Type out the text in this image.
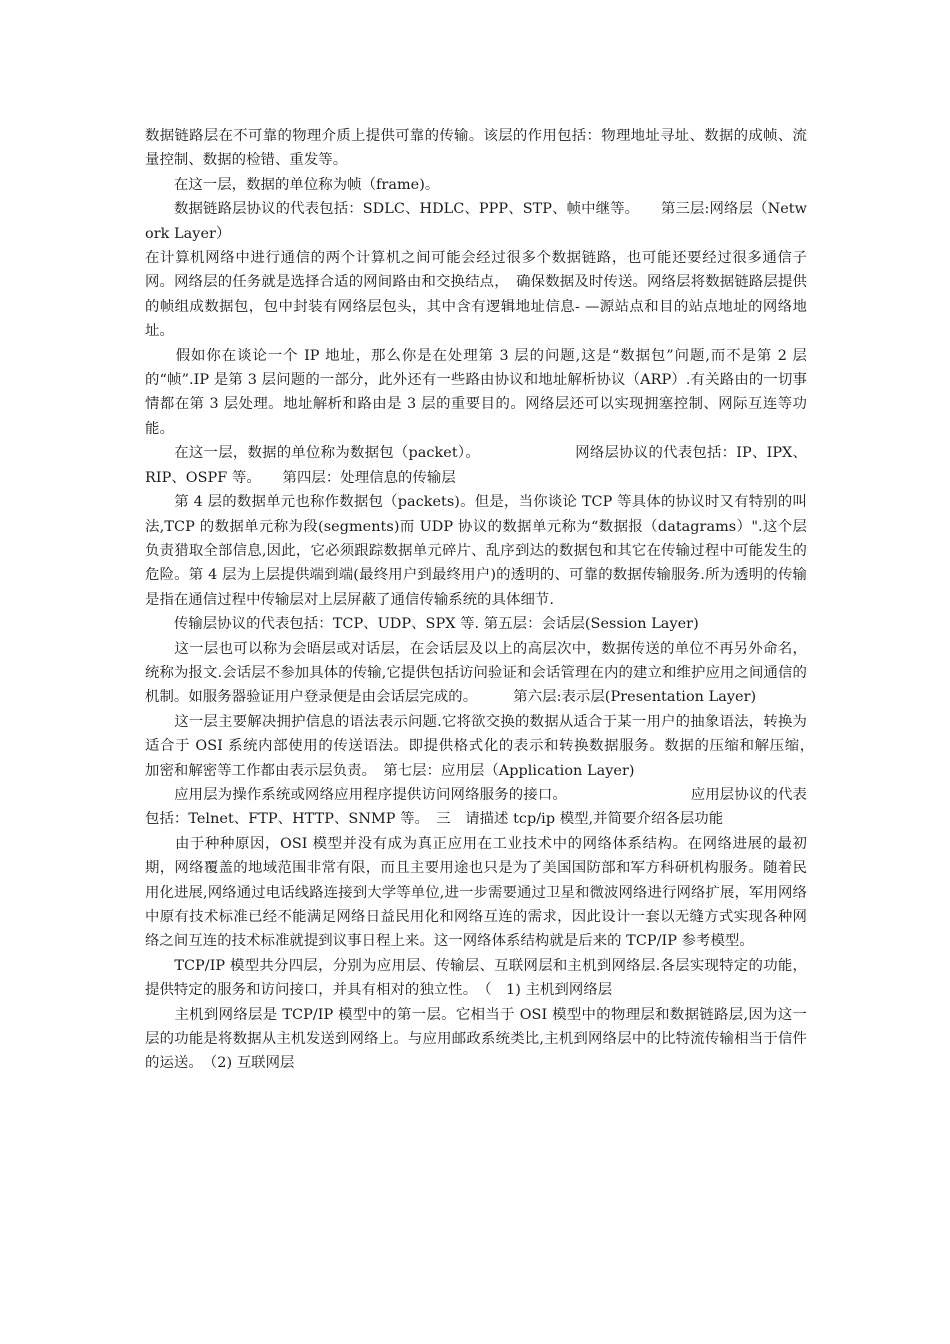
数据链路层在不可靠的物理介质上提供可靠的传输。该层的作用包括：物理地址寻址、数据的成帧、流量控制、数据的检错、重发等。

　　在这一层，数据的单位称为帧（frame)。

　　数据链路层协议的代表包括：SDLC、HDLC、PPP、STP、帧中继等。　　第三层:网络层（Network Layer）

在计算机网络中进行通信的两个计算机之间可能会经过很多个数据链路，也可能还要经过很多通信子网。网络层的任务就是选择合适的网间路由和交换结点，　确保数据及时传送。网络层将数据链路层提供的帧组成数据包，包中封装有网络层包头，其中含有逻辑地址信息- —源站点和目的站点地址的网络地址。

　　假如你在谈论一个 IP 地址，那么你是在处理第 3 层的问题,这是“数据包”问题,而不是第 2 层的“帧”.IP 是第 3 层问题的一部分，此外还有一些路由协议和地址解析协议（ARP）.有关路由的一切事情都在第 3 层处理。地址解析和路由是 3 层的重要目的。网络层还可以实现拥塞控制、网际互连等功能。

　　在这一层，数据的单位称为数据包（packet）。　　　　　　　网络层协议的代表包括：IP、IPX、RIP、OSPF 等。　　第四层：处理信息的传输层

　　第 4 层的数据单元也称作数据包（packets)。但是，当你谈论 TCP 等具体的协议时又有特别的叫法,TCP 的数据单元称为段(segments)而 UDP 协议的数据单元称为“数据报（datagrams）".这个层负责猎取全部信息,因此，它必须跟踪数据单元碎片、乱序到达的数据包和其它在传输过程中可能发生的危险。第 4 层为上层提供端到端(最终用户到最终用户)的透明的、可靠的数据传输服务.所为透明的传输是指在通信过程中传输层对上层屏蔽了通信传输系统的具体细节.

　　传输层协议的代表包括：TCP、UDP、SPX 等. 第五层：会话层(Session Layer)

　　这一层也可以称为会晤层或对话层，在会话层及以上的高层次中，数据传送的单位不再另外命名，统称为报文.会话层不参加具体的传输,它提供包括访问验证和会话管理在内的建立和维护应用之间通信的机制。如服务器验证用户登录便是由会话层完成的。　　　第六层:表示层(Presentation Layer)

　　这一层主要解决拥护信息的语法表示问题.它将欲交换的数据从适合于某一用户的抽象语法，转换为适合于 OSI 系统内部使用的传送语法。即提供格式化的表示和转换数据服务。数据的压缩和解压缩，　加密和解密等工作都由表示层负责。　第七层：应用层（Application Layer)

　　应用层为操作系统或网络应用程序提供访问网络服务的接口。　　　　　　　　　应用层协议的代表包括：Telnet、FTP、HTTP、SNMP 等。　三　请描述 tcp/ip 模型,并简要介绍各层功能

　　由于种种原因，OSI 模型并没有成为真正应用在工业技术中的网络体系结构。在网络进展的最初期，网络覆盖的地域范围非常有限，而且主要用途也只是为了美国国防部和军方科研机构服务。随着民用化进展,网络通过电话线路连接到大学等单位,进一步需要通过卫星和微波网络进行网络扩展，军用网络中原有技术标准已经不能满足网络日益民用化和网络互连的需求，因此设计一套以无缝方式实现各种网络之间互连的技术标准就提到议事日程上来。这一网络体系结构就是后来的 TCP/IP 参考模型。

　　TCP/IP 模型共分四层，分别为应用层、传输层、互联网层和主机到网络层.各层实现特定的功能，提供特定的服务和访问接口，并具有相对的独立性。　（　1) 主机到网络层

　　主机到网络层是 TCP/IP 模型中的第一层。它相当于 OSI 模型中的物理层和数据链路层,因为这一层的功能是将数据从主机发送到网络上。与应用邮政系统类比,主机到网络层中的比特流传输相当于信件的运送。　（2) 互联网层
